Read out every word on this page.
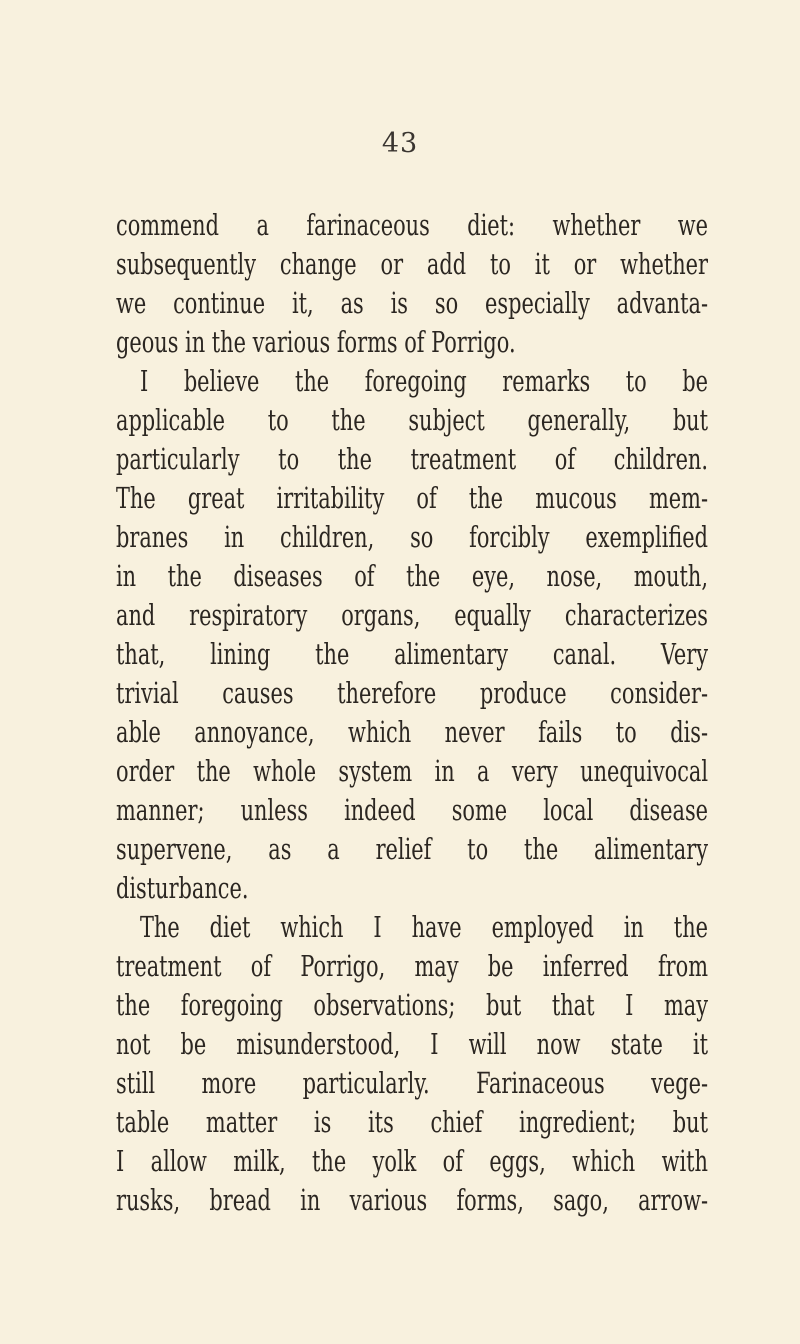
43
commend a farinaceous diet: whether we
subsequently change or add to it or whether
we continue it, as is so especially advanta-
geous in the various forms of Porrigo.
I believe the foregoing remarks to be
applicable to the subject generally, but
particularly to the treatment of children.
The great irritability of the mucous mem-
branes in children, so forcibly exemplified
in the diseases of the eye, nose, mouth,
and respiratory organs, equally characterizes
that, lining the alimentary canal. Very
trivial causes therefore produce consider-
able annoyance, which never fails to dis-
order the whole system in a very unequivocal
manner; unless indeed some local disease
supervene, as a relief to the alimentary
disturbance.
The diet which I have employed in the
treatment of Porrigo, may be inferred from
the foregoing observations; but that I may
not be misunderstood, I will now state it
still more particularly. Farinaceous vege-
table matter is its chief ingredient; but
I allow milk, the yolk of eggs, which with
rusks, bread in various forms, sago, arrow-
